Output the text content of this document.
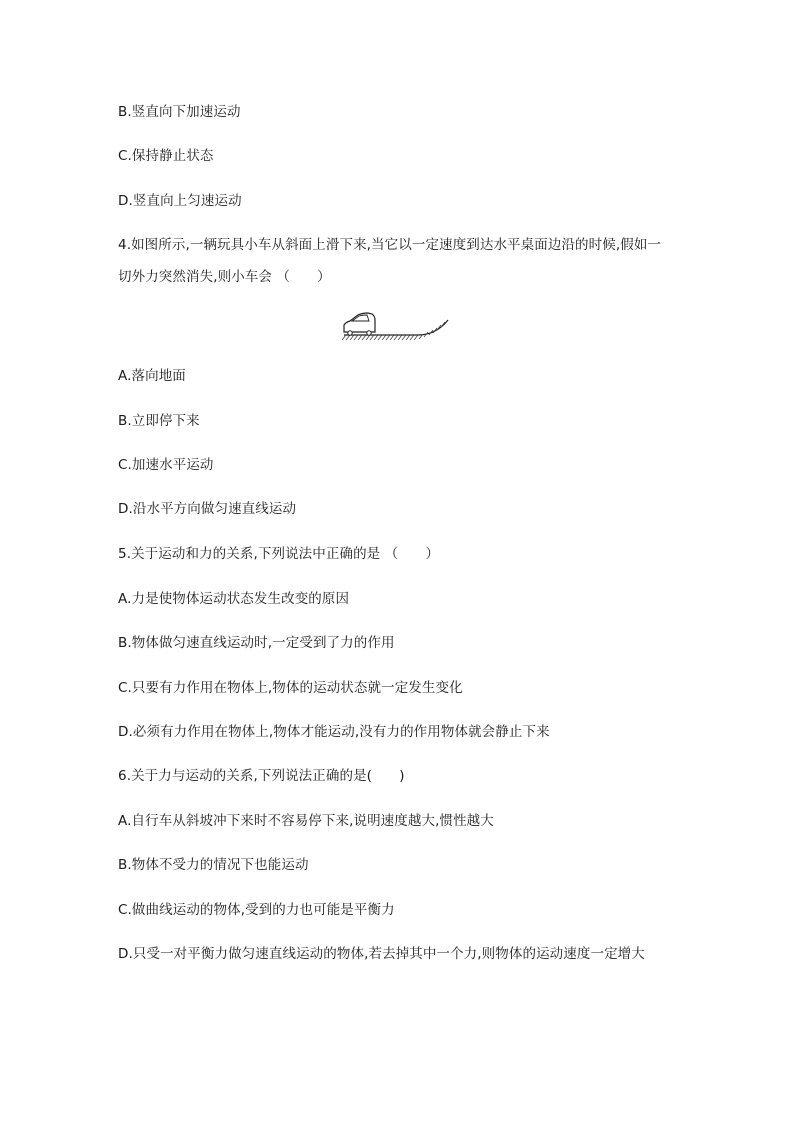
B.竖直向下加速运动
C.保持静止状态
D.竖直向上匀速运动
4.如图所示,一辆玩具小车从斜面上滑下来,当它以一定速度到达水平桌面边沿的时候,假如一
切外力突然消失,则小车会 （　　）
A.落向地面
B.立即停下来
C.加速水平运动
D.沿水平方向做匀速直线运动
5.关于运动和力的关系,下列说法中正确的是 （　　）
A.力是使物体运动状态发生改变的原因
B.物体做匀速直线运动时,一定受到了力的作用
C.只要有力作用在物体上,物体的运动状态就一定发生变化
D.必须有力作用在物体上,物体才能运动,没有力的作用物体就会静止下来
6.关于力与运动的关系,下列说法正确的是(　　)
A.自行车从斜坡冲下来时不容易停下来,说明速度越大,惯性越大
B.物体不受力的情况下也能运动
C.做曲线运动的物体,受到的力也可能是平衡力
D.只受一对平衡力做匀速直线运动的物体,若去掉其中一个力,则物体的运动速度一定增大
